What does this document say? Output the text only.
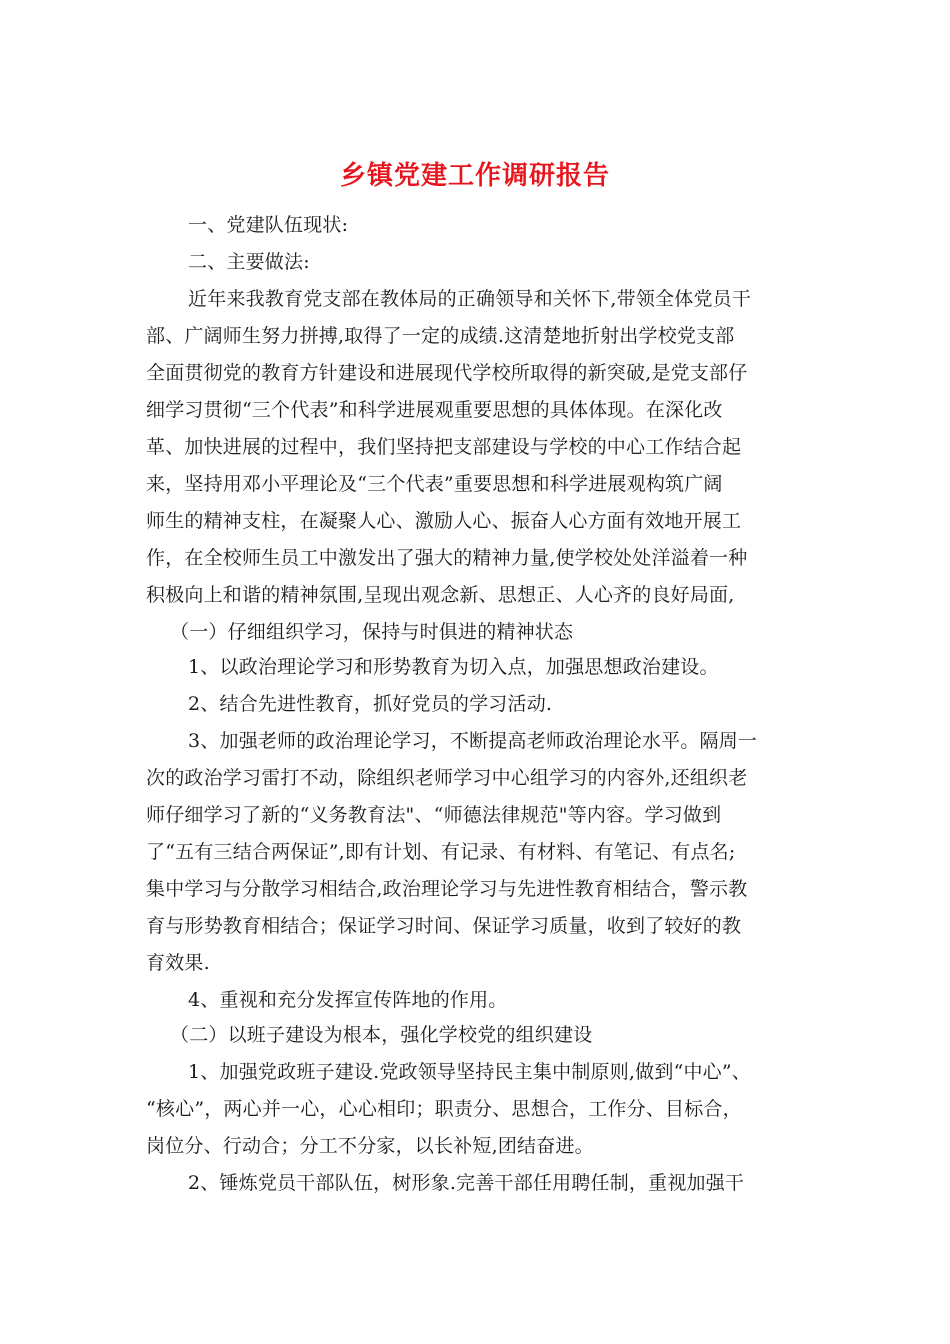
乡镇党建工作调研报告
一、党建队伍现状:
二、主要做法:
近年来我教育党支部在教体局的正确领导和关怀下,带领全体党员干
部、广阔师生努力拼搏,取得了一定的成绩.这清楚地折射出学校党支部
全面贯彻党的教育方针建设和进展现代学校所取得的新突破,是党支部仔
细学习贯彻“三个代表”和科学进展观重要思想的具体体现。在深化改
革、加快进展的过程中，我们坚持把支部建设与学校的中心工作结合起
来，坚持用邓小平理论及“三个代表”重要思想和科学进展观构筑广阔
师生的精神支柱，在凝聚人心、激励人心、振奋人心方面有效地开展工
作，在全校师生员工中激发出了强大的精神力量,使学校处处洋溢着一种
积极向上和谐的精神氛围,呈现出观念新、思想正、人心齐的良好局面,
（一）仔细组织学习，保持与时俱进的精神状态
1、以政治理论学习和形势教育为切入点，加强思想政治建设。
2、结合先进性教育，抓好党员的学习活动.
3、加强老师的政治理论学习，不断提高老师政治理论水平。隔周一
次的政治学习雷打不动，除组织老师学习中心组学习的内容外,还组织老
师仔细学习了新的“义务教育法"、“师德法律规范"等内容。学习做到
了“五有三结合两保证”,即有计划、有记录、有材料、有笔记、有点名;
集中学习与分散学习相结合,政治理论学习与先进性教育相结合，警示教
育与形势教育相结合；保证学习时间、保证学习质量，收到了较好的教
育效果.
4、重视和充分发挥宣传阵地的作用。
（二）以班子建设为根本，强化学校党的组织建设
1、加强党政班子建设.党政领导坚持民主集中制原则,做到“中心”、
“核心”，两心并一心，心心相印；职责分、思想合，工作分、目标合，
岗位分、行动合；分工不分家，以长补短,团结奋进。
2、锤炼党员干部队伍，树形象.完善干部任用聘任制，重视加强干
